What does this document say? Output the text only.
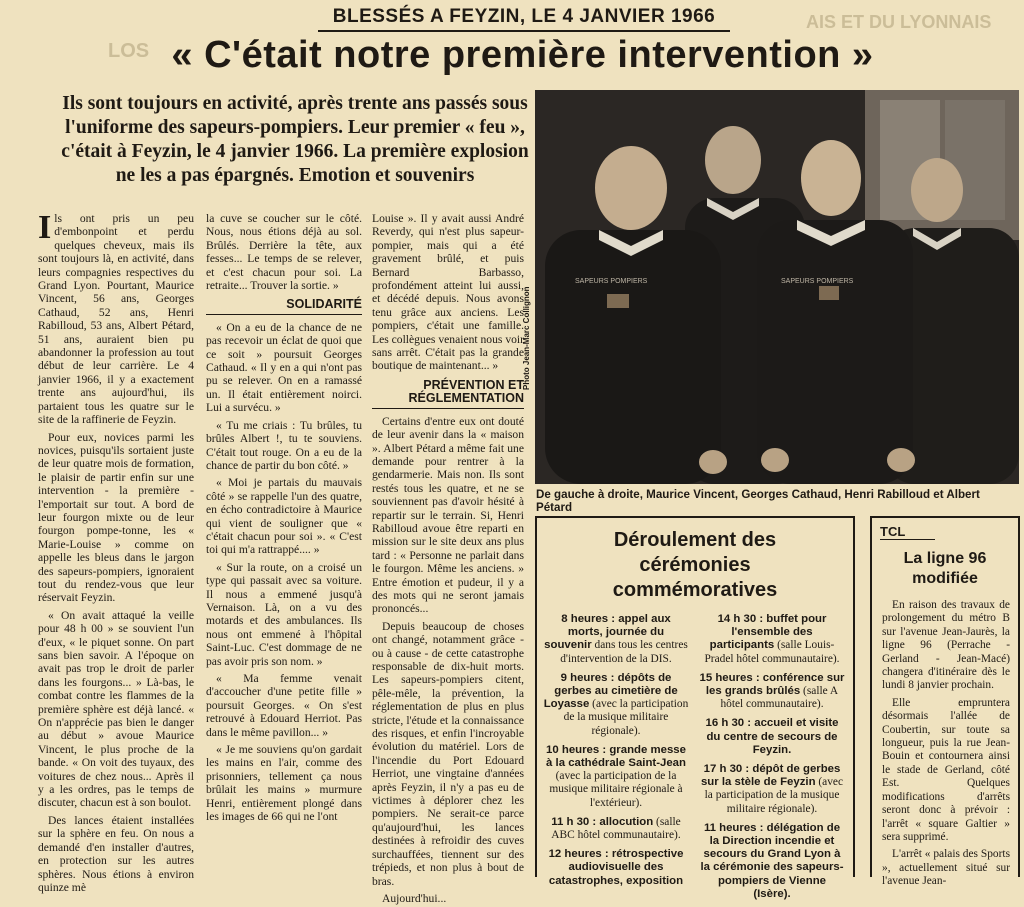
AIS ET DU LYONNAIS
LOS
BLESSÉS A FEYZIN, LE 4 JANVIER 1966
« C'était notre première intervention »
Ils sont toujours en activité, après trente ans passés sous l'uniforme des sapeurs-pompiers. Leur premier « feu », c'était à Feyzin, le 4 janvier 1966. La première explosion ne les a pas épargnés. Emotion et souvenirs

Ils ont pris un peu d'embonpoint et perdu quelques cheveux, mais ils sont toujours là, en activité, dans leurs compagnies respectives du Grand Lyon. Pourtant, Maurice Vincent, 56 ans, Georges Cathaud, 52 ans, Henri Rabilloud, 53 ans, Albert Pétard, 51 ans, auraient bien pu abandonner la profession au tout début de leur carrière. Le 4 janvier 1966, il y a exactement trente ans aujourd'hui, ils partaient tous les quatre sur le site de la raffinerie de Feyzin.

Pour eux, novices parmi les novices, puisqu'ils sortaient juste de leur quatre mois de formation, le plaisir de partir enfin sur une intervention - la première - l'emportait sur tout. A bord de leur fourgon mixte ou de leur fourgon pompe-tonne, les « Marie-Louise » comme on appelle les bleus dans le jargon des sapeurs-pompiers, ignoraient tout du rendez-vous que leur réservait Feyzin.

« On avait attaqué la veille pour 48 h 00 » se souvient l'un d'eux, « le piquet sonne. On part sans bien savoir. A l'époque on avait pas trop le droit de parler dans les fourgons... » Là-bas, le combat contre les flammes de la première sphère est déjà lancé. « On n'apprécie pas bien le danger au début » avoue Maurice Vincent, le plus proche de la bande. « On voit des tuyaux, des voitures de chez nous... Après il y a les ordres, pas le temps de discuter, chacun est à son boulot.

Des lances étaient installées sur la sphère en feu. On nous a demandé d'en installer d'autres, en protection sur les autres sphères. Nous étions à environ quinze mè

la cuve se coucher sur le côté. Nous, nous étions déjà au sol. Brûlés. Derrière la tête, aux fesses... Le temps de se relever, et c'est chacun pour soi. La retraite... Trouver la sortie. »

SOLIDARITÉ

« On a eu de la chance de ne pas recevoir un éclat de quoi que ce soit » poursuit Georges Cathaud. « Il y en a qui n'ont pas pu se relever. On en a ramassé un. Il était entièrement noirci. Lui a survécu. »

« Tu me criais : Tu brûles, tu brûles Albert !, tu te souviens. C'était tout rouge. On a eu de la chance de partir du bon côté. »

« Moi je partais du mauvais côté » se rappelle l'un des quatre, en écho contradictoire à Maurice qui vient de souligner que « c'était chacun pour soi ». « C'est toi qui m'a rattrappé.... »

« Sur la route, on a croisé un type qui passait avec sa voiture. Il nous a emmené jusqu'à Vernaison. Là, on a vu des motards et des ambulances. Ils nous ont emmené à l'hôpital Saint-Luc. C'est dommage de ne pas avoir pris son nom. »

« Ma femme venait d'accoucher d'une petite fille » poursuit Georges. « On s'est retrouvé à Edouard Herriot. Pas dans le même pavillon... »

« Je me souviens qu'on gardait les mains en l'air, comme des prisonniers, tellement ça nous brûlait les mains » murmure Henri, entièrement plongé dans les images de 66 qui ne l'ont

Louise ». Il y avait aussi André Reverdy, qui n'est plus sapeur-pompier, mais qui a été gravement brûlé, et puis Bernard Barbasso, profondément atteint lui aussi, et décédé depuis. Nous avons tenu grâce aux anciens. Les pompiers, c'était une famille. Les collègues venaient nous voir sans arrêt. C'était pas la grande boutique de maintenant... »

PRÉVENTION ET RÉGLEMENTATION

Certains d'entre eux ont douté de leur avenir dans la « maison ». Albert Pétard a même fait une demande pour rentrer à la gendarmerie. Mais non. Ils sont restés tous les quatre, et ne se souviennent pas d'avoir hésité à repartir sur le terrain. Si, Henri Rabilloud avoue être reparti en mission sur le site deux ans plus tard : « Personne ne parlait dans le fourgon. Même les anciens. » Entre émotion et pudeur, il y a des mots qui ne seront jamais prononcés...

Depuis beaucoup de choses ont changé, notamment grâce - ou à cause - de cette catastrophe responsable de dix-huit morts. Les sapeurs-pompiers citent, pêle-mêle, la prévention, la réglementation de plus en plus stricte, l'étude et la connaissance des risques, et enfin l'incroyable évolution du matériel. Lors de l'incendie du Port Edouard Herriot, une vingtaine d'années après Feyzin, il n'y a pas eu de victimes à déplorer chez les pompiers. Ne serait-ce parce qu'aujourd'hui, les lances destinées à refroidir des cuves surchauffées, tiennent sur des trépieds, et non plus à bout de bras.

Aujourd'hui...

SAPEURS POMPIERS	SAPEURS POMPIERS
Photo Jean-Marc Collignon
De gauche à droite, Maurice Vincent, Georges Cathaud, Henri Rabilloud et Albert Pétard
Déroulement des cérémonies commémoratives

8 heures : appel aux morts, journée du souvenir dans tous les centres d'intervention de la DIS.

9 heures : dépôts de gerbes au cimetière de Loyasse (avec la participation de la musique militaire régionale).

10 heures : grande messe à la cathédrale Saint-Jean (avec la participation de la musique militaire régionale à l'extérieur).

11 h 30 : allocution (salle ABC hôtel communautaire).

12 heures : rétrospective audiovisuelle des catastrophes, exposition

14 h 30 : buffet pour l'ensemble des participants (salle Louis-Pradel hôtel communautaire).

15 heures : conférence sur les grands brûlés (salle A hôtel communautaire).

16 h 30 : accueil et visite du centre de secours de Feyzin.

17 h 30 : dépôt de gerbes sur la stèle de Feyzin (avec la participation de la musique militaire régionale).

11 heures : délégation de la Direction incendie et secours du Grand Lyon à la cérémonie des sapeurs-pompiers de Vienne (Isère).

TCL
La ligne 96 modifiée

En raison des travaux de prolongement du métro B sur l'avenue Jean-Jaurès, la ligne 96 (Perrache - Gerland - Jean-Macé) changera d'itinéraire dès le lundi 8 janvier prochain.

Elle empruntera désormais l'allée de Coubertin, sur toute sa longueur, puis la rue Jean-Bouin et contournera ainsi le stade de Gerland, côté Est. Quelques modifications d'arrêts seront donc à prévoir : l'arrêt « square Galtier » sera supprimé.

L'arrêt « palais des Sports », actuellement situé sur l'avenue Jean-
